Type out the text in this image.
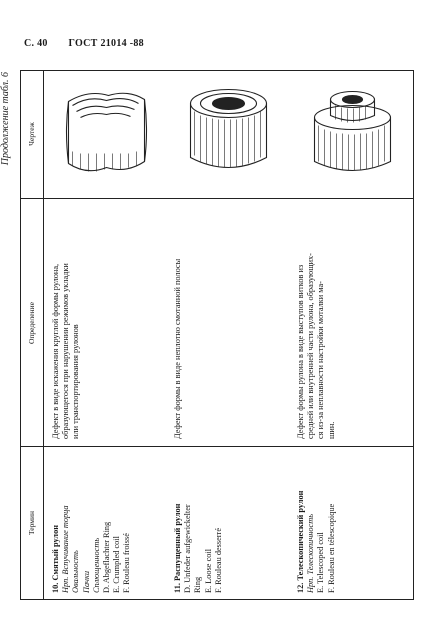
С. 40 ГОСТ 21014 -88
Продолжение табл. 6
Термин
Определение
Чертеж
10. Смятый рулон Нрп. Вспучивание торца Овальность Пачки Сплющенность D. Abgeflachter Ring E. Crumpled coil F. Rouleau froissé
Дефект в виде искажения круглой формы рулона, образующегося при нарушении режимов укладки или транспортирования рулонов
11. Распущенный рулон D. Unfeder aufgewickelter Ring E. Loose coil F. Rouleau desserré
Дефект формы в виде неплотно смотанной полосы
12. Телескопический рулон Нрп. Телескопичность E. Telescoped coil F. Rouleau en télescopique
Дефект формы рулона в виде выступов витков из средней или внутренней части рулона, образующих- ся из-за неплавности настройки моталки ма- шин.
